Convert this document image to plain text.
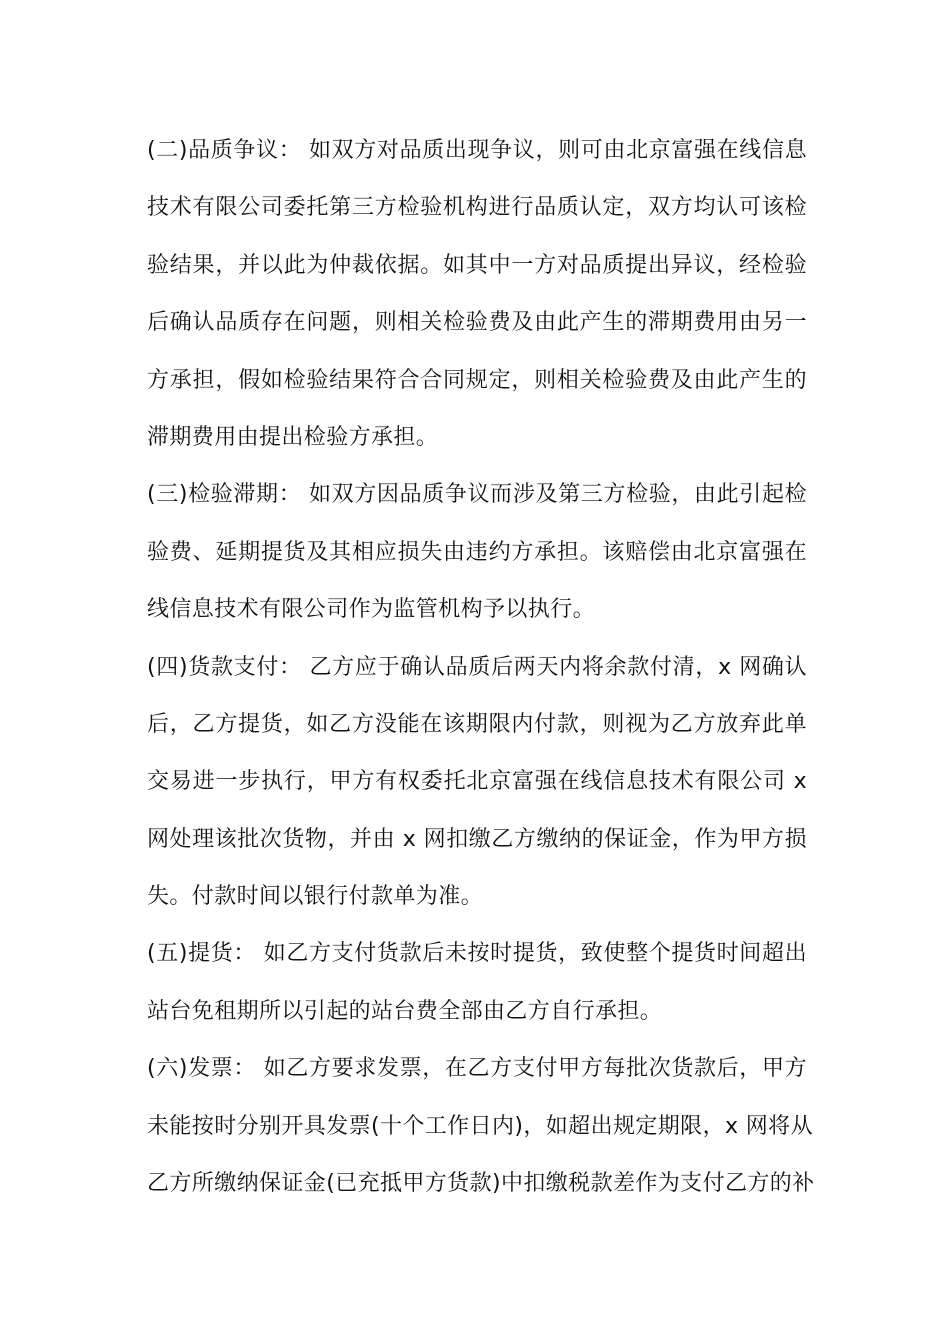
(二)品质争议： 如双方对品质出现争议，则可由北京富强在线信息
技术有限公司委托第三方检验机构进行品质认定，双方均认可该检
验结果，并以此为仲裁依据。如其中一方对品质提出异议，经检验
后确认品质存在问题，则相关检验费及由此产生的滞期费用由另一
方承担，假如检验结果符合合同规定，则相关检验费及由此产生的
滞期费用由提出检验方承担。
(三)检验滞期： 如双方因品质争议而涉及第三方检验，由此引起检
验费、延期提货及其相应损失由违约方承担。该赔偿由北京富强在
线信息技术有限公司作为监管机构予以执行。
(四)货款支付： 乙方应于确认品质后两天内将余款付清，x 网确认
后，乙方提货，如乙方没能在该期限内付款，则视为乙方放弃此单
交易进一步执行，甲方有权委托北京富强在线信息技术有限公司 x
网处理该批次货物，并由 x 网扣缴乙方缴纳的保证金，作为甲方损
失。付款时间以银行付款单为准。
(五)提货： 如乙方支付货款后未按时提货，致使整个提货时间超出
站台免租期所以引起的站台费全部由乙方自行承担。
(六)发票： 如乙方要求发票，在乙方支付甲方每批次货款后，甲方
未能按时分别开具发票(十个工作日内)，如超出规定期限，x 网将从
乙方所缴纳保证金(已充抵甲方货款)中扣缴税款差作为支付乙方的补
